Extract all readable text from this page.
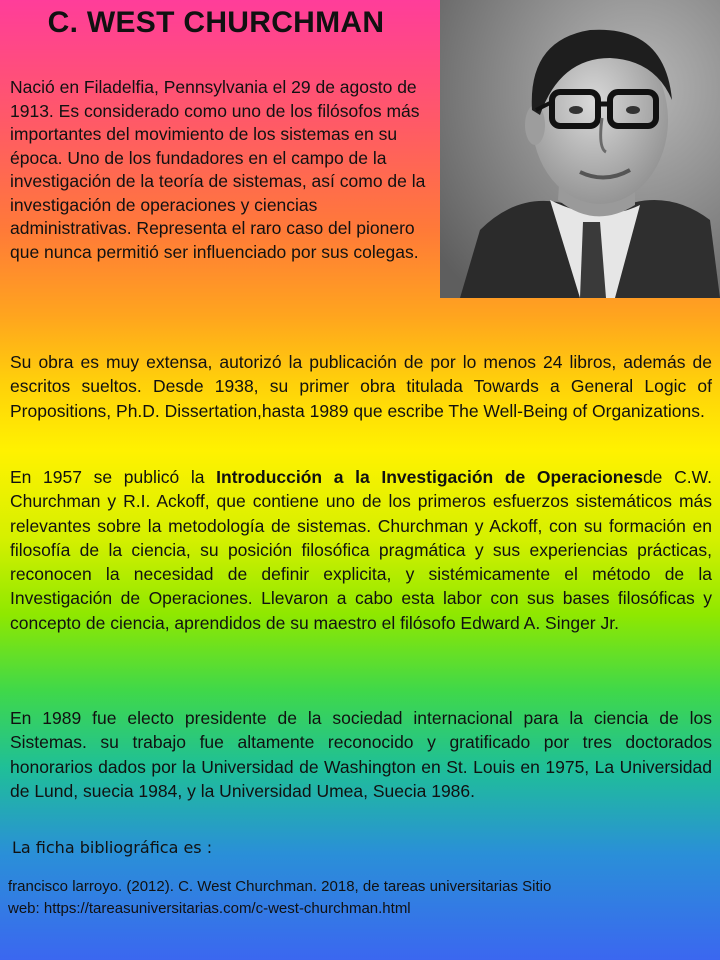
C. WEST CHURCHMAN

Nació en Filadelfia, Pennsylvania el 29 de agosto de 1913. Es considerado como uno de los filósofos más importantes del movimiento de los sistemas en su época. Uno de los fundadores en el campo de la investigación de la teoría de sistemas, así como de la investigación de operaciones y ciencias administrativas. Representa el raro caso del pionero que nunca permitió ser influenciado por sus colegas.

Su obra es muy extensa, autorizó la publicación de por lo menos 24 libros, además de escritos sueltos. Desde 1938, su primer obra titulada Towards a General Logic of Propositions, Ph.D. Dissertation,hasta 1989 que escribe The Well-Being of Organizations.

En 1957 se publicó la Introducción a la Investigación de Operacionesde C.W. Churchman y R.I. Ackoff, que contiene uno de los primeros esfuerzos sistemáticos más relevantes sobre la metodología de sistemas. Churchman y Ackoff, con su formación en filosofía de la ciencia, su posición filosófica pragmática y sus experiencias prácticas, reconocen la necesidad de definir explicita, y sistémicamente el método de la Investigación de Operaciones. Llevaron a cabo esta labor con sus bases filosóficas y concepto de ciencia, aprendidos de su maestro el filósofo Edward A. Singer Jr.

En 1989 fue electo presidente de la sociedad internacional para la ciencia de los Sistemas. su trabajo fue altamente reconocido y gratificado por tres doctorados honorarios dados por la Universidad de Washington en St. Louis en 1975, La Universidad de Lund, suecia 1984, y la Universidad Umea, Suecia 1986.

La ficha bibliográfica es :

francisco larroyo. (2012). C. West Churchman. 2018, de tareas universitarias Sitio web: https://tareasuniversitarias.com/c-west-churchman.html
